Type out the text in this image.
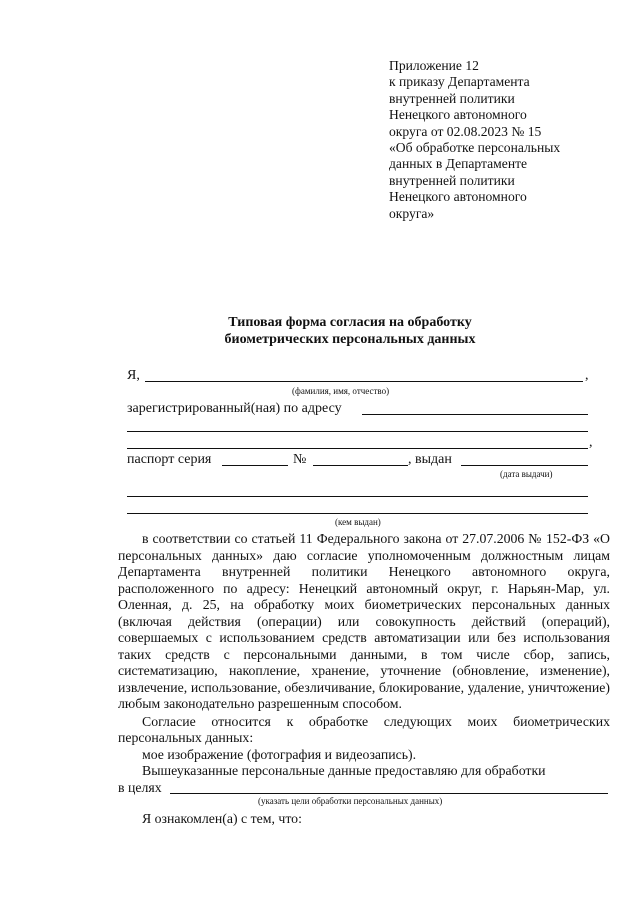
Приложение 12
к приказу Департамента
внутренней политики
Ненецкого автономного
округа от 02.08.2023 № 15
«Об обработке персональных
данных в Департаменте
внутренней политики
Ненецкого автономного
округа»
Типовая форма согласия на обработку
биометрических персональных данных
Я,	,
(фамилия, имя, отчество)
зарегистрированный(ная) по адресу
,
паспорт серия	№	, выдан
(дата выдачи)
(кем выдан)
в соответствии со статьей 11 Федерального закона от 27.07.2006 № 152-ФЗ «О персональных данных» даю согласие уполномоченным должностным лицам Департамента внутренней политики Ненецкого автономного округа, расположенного по адресу: Ненецкий автономный округ, г. Нарьян-Мар, ул. Оленная, д. 25, на обработку моих биометрических персональных данных (включая действия (операции) или совокупность действий (операций), совершаемых с использованием средств автоматизации или без использования таких средств с персональными данными, в том числе сбор, запись, систематизацию, накопление, хранение, уточнение (обновление, изменение), извлечение, использование, обезличивание, блокирование, удаление, уничтожение) любым законодательно разрешенным способом.
Согласие относится к обработке следующих моих биометрических персональных данных:
мое изображение (фотография и видеозапись).
Вышеуказанные персональные данные предоставляю для обработки
в целях
(указать цели обработки персональных данных)
Я ознакомлен(а) с тем, что:
